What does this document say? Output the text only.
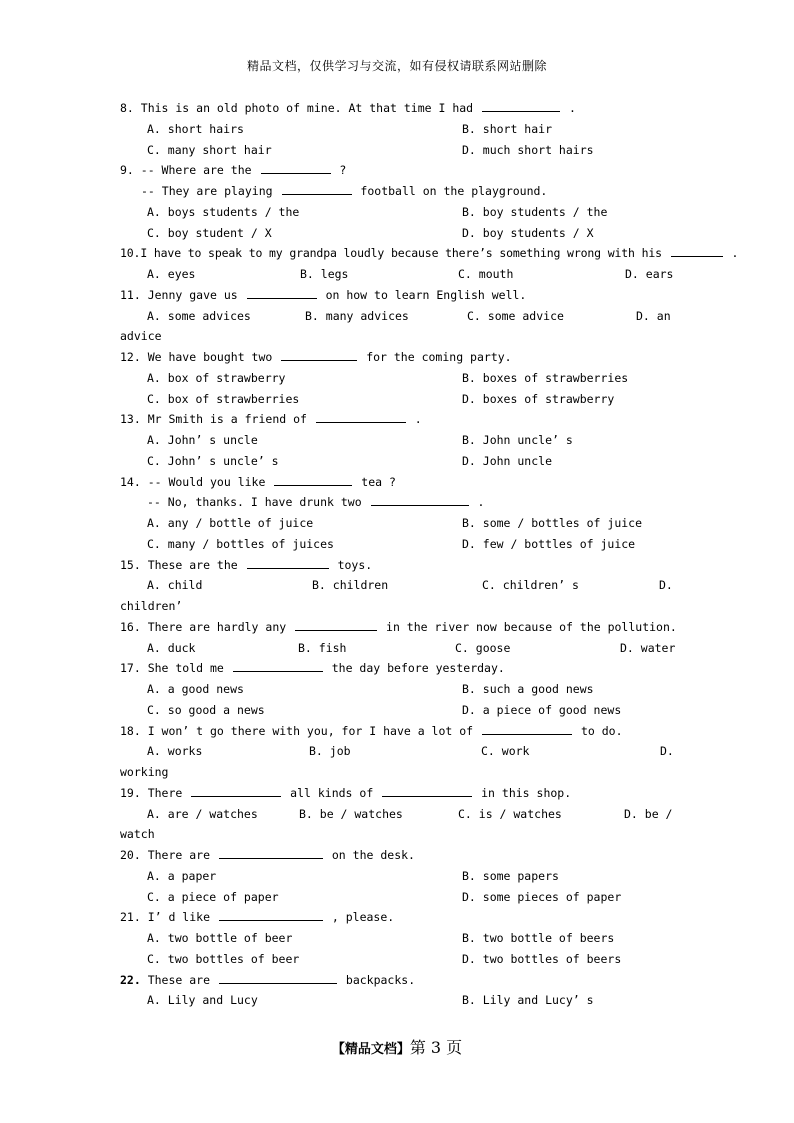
精品文档，仅供学习与交流，如有侵权请联系网站删除
8. This is an old photo of mine. At that time I had	.
A. short hairs	B. short hair
C. many short hair	D. much short hairs
9. -- Where are the	?
-- They are playing	football on the playground.
A. boys students / the	B. boy students / the
C. boy student / X	D. boy students / X
10.I have to speak to my grandpa loudly because there’s something wrong with his	.
A. eyes	B. legs	C. mouth	D. ears
11. Jenny gave us	on how to learn English well.
A. some advices	B. many advices	C. some advice	D. an
advice
12. We have bought two	for the coming party.
A. box of strawberry	B. boxes of strawberries
C. box of strawberries	D. boxes of strawberry
13. Mr Smith is a friend of	.
A. John’ s uncle	B. John uncle’ s
C. John’ s uncle’ s	D. John uncle
14. -- Would you like	tea ?
-- No, thanks. I have drunk two	.
A. any / bottle of juice	B. some / bottles of juice
C. many / bottles of juices	D. few / bottles of juice
15. These are the	toys.
A. child	B. children	C. children’ s	D.
children’
16. There are hardly any	in the river now because of the pollution.
A. duck	B. fish	C. goose	D. water
17. She told me	the day before yesterday.
A. a good news	B. such a good news
C. so good a news	D. a piece of good news
18. I won’ t go there with you, for I have a lot of	to do.
A. works	B. job	C. work	D.
working
19. There	all kinds of	in this shop.
A. are / watches	B. be / watches	C. is / watches	D. be /
watch
20. There are	on the desk.
A. a paper	B. some papers
C. a piece of paper	D. some pieces of paper
21. I’ d like	, please.
A. two bottle of beer	B. two bottle of beers
C. two bottles of beer	D. two bottles of beers
22. These are	backpacks.
A. Lily and Lucy	B. Lily and Lucy’ s
【精品文档】第 3 页
